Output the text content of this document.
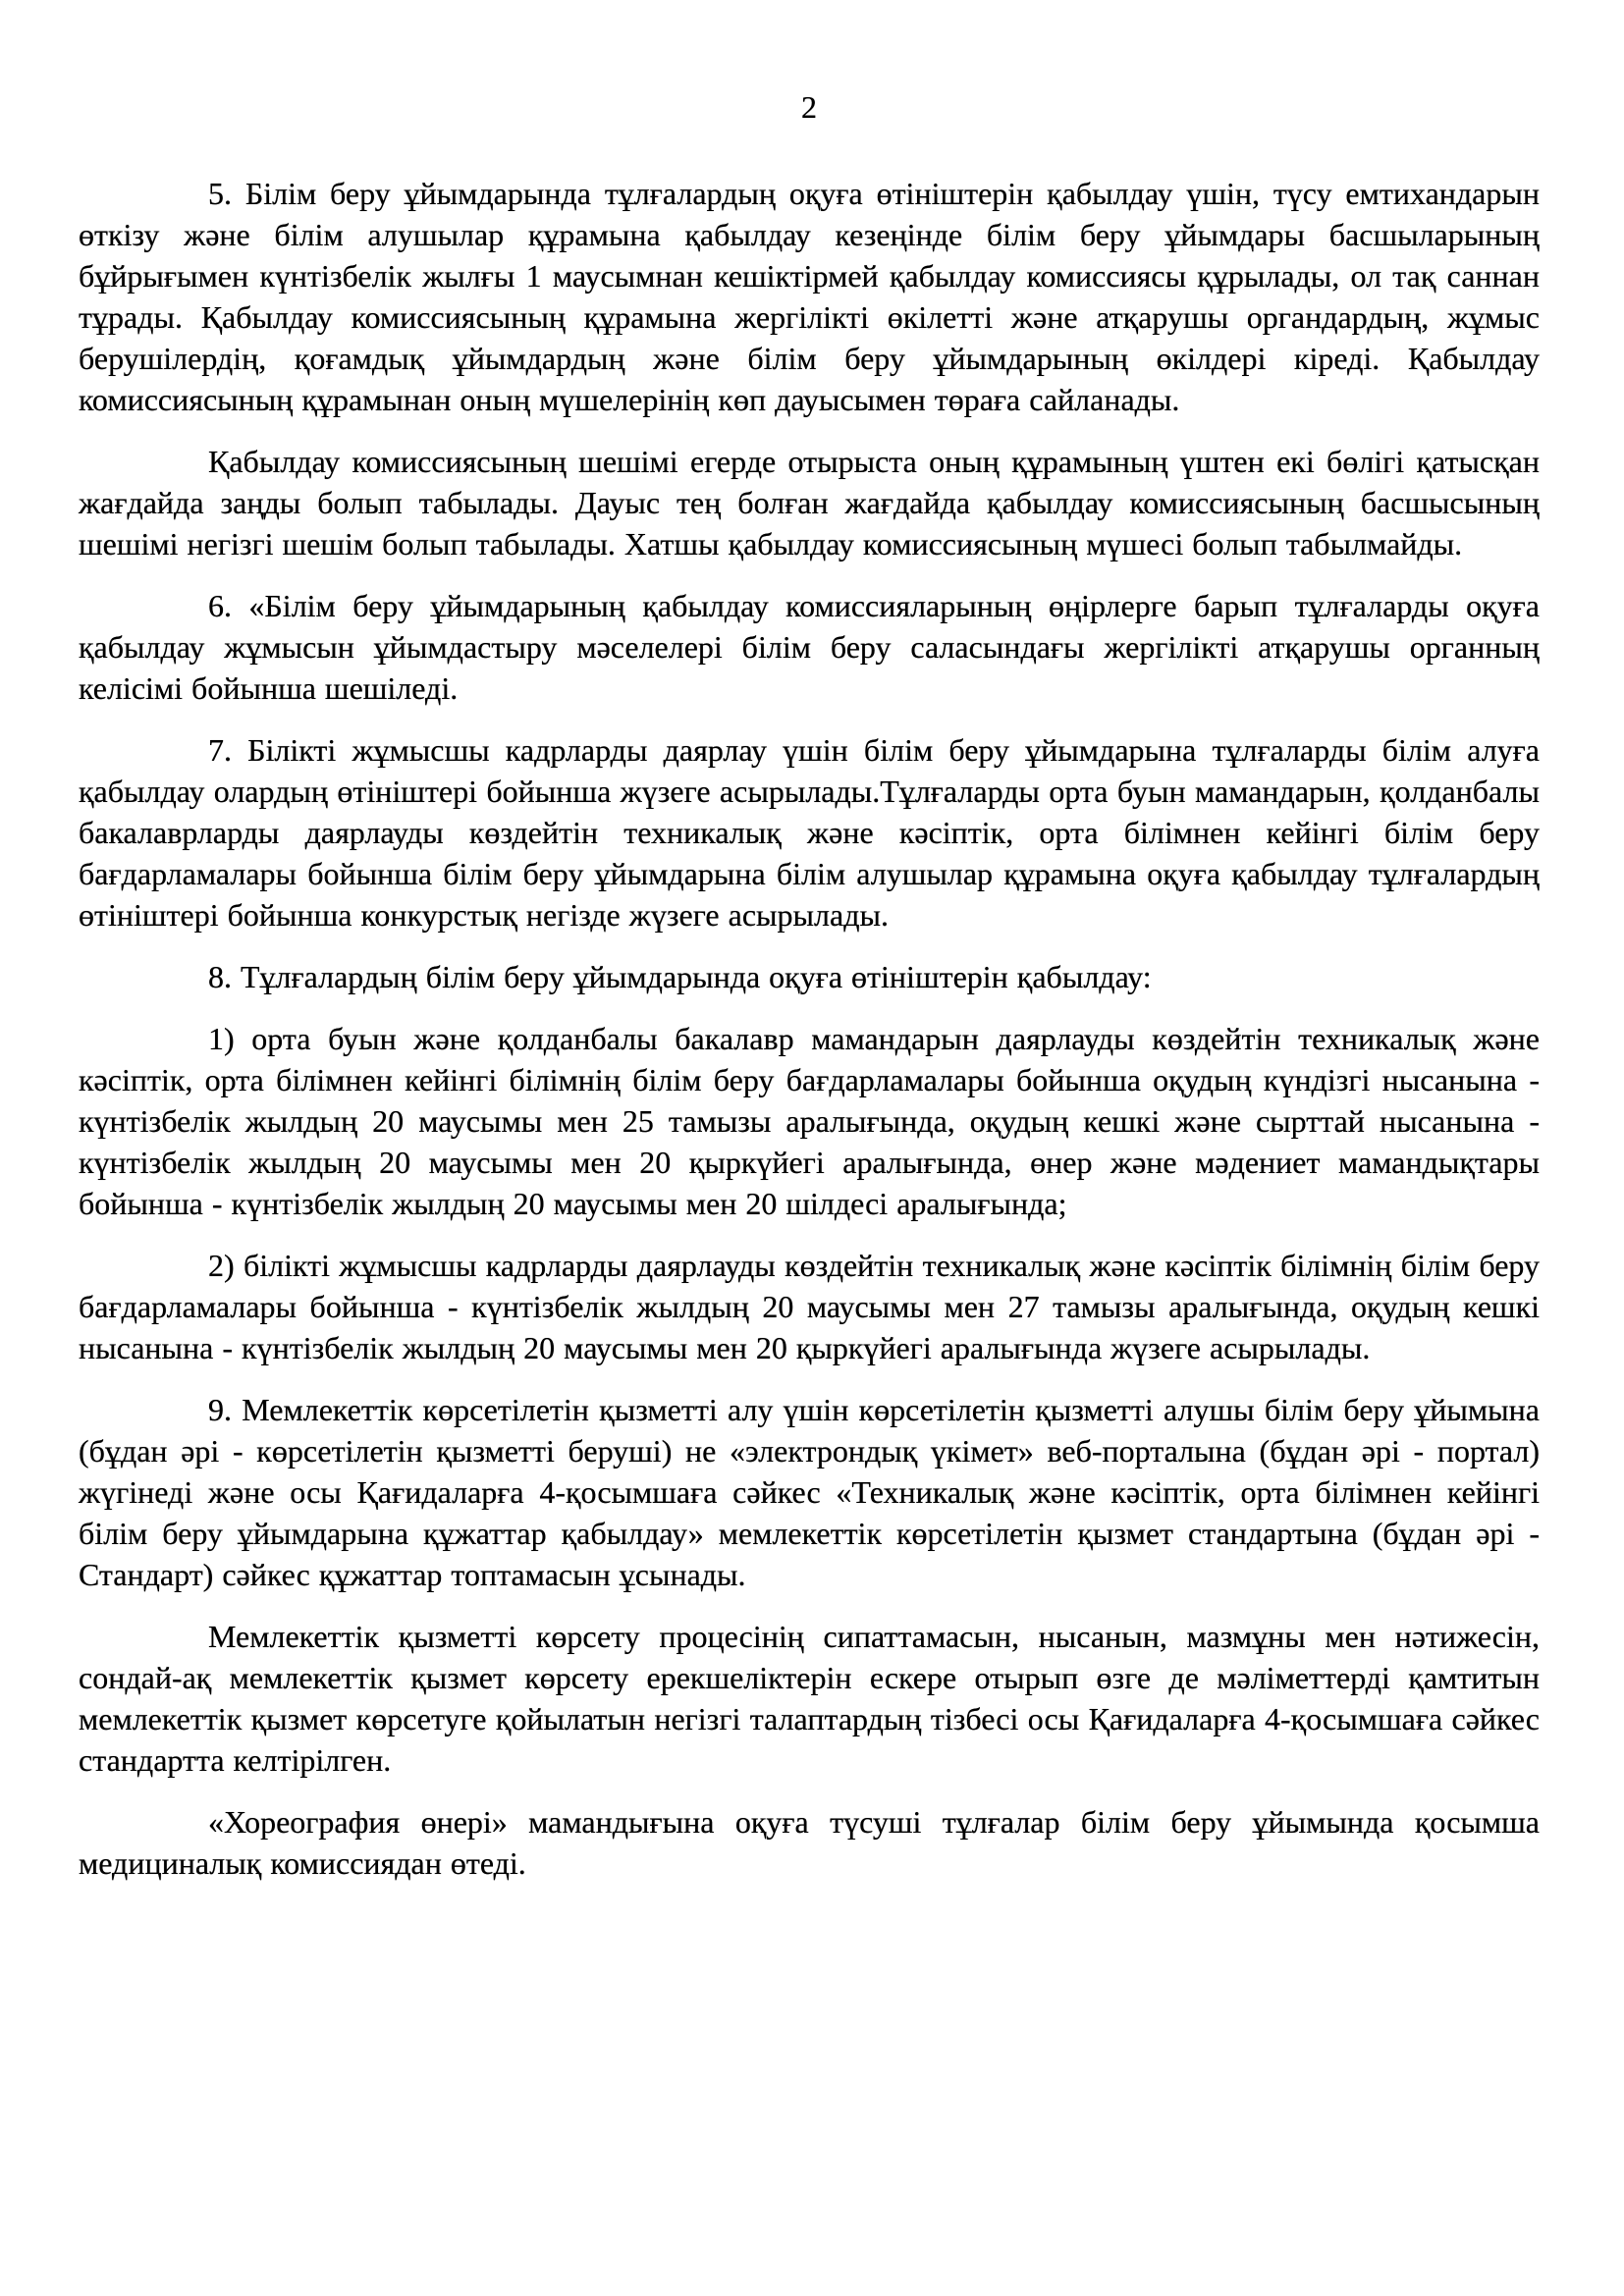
2

5. Білім беру ұйымдарында тұлғалардың оқуға өтініштерін қабылдау үшін, түсу емтихандарын өткізу және білім алушылар құрамына қабылдау кезеңінде білім беру ұйымдары басшыларының бұйрығымен күнтізбелік жылғы 1 маусымнан кешіктірмей қабылдау комиссиясы құрылады, ол тақ саннан тұрады. Қабылдау комиссиясының құрамына жергілікті өкілетті және атқарушы органдардың, жұмыс берушілердің, қоғамдық ұйымдардың және білім беру ұйымдарының өкілдері кіреді. Қабылдау комиссиясының құрамынан оның мүшелерінің көп дауысымен төраға сайланады.

Қабылдау комиссиясының шешімі егерде отырыста оның құрамының үштен екі бөлігі қатысқан жағдайда заңды болып табылады. Дауыс тең болған жағдайда қабылдау комиссиясының басшысының шешімі негізгі шешім болып табылады. Хатшы қабылдау комиссиясының мүшесі болып табылмайды.

6. «Білім беру ұйымдарының қабылдау комиссияларының өңірлерге барып тұлғаларды оқуға қабылдау жұмысын ұйымдастыру мәселелері білім беру саласындағы жергілікті атқарушы органның келісімі бойынша шешіледі.

7. Білікті жұмысшы кадрларды даярлау үшін білім беру ұйымдарына тұлғаларды білім алуға қабылдау олардың өтініштері бойынша жүзеге асырылады.Тұлғаларды орта буын мамандарын, қолданбалы бакалаврларды даярлауды көздейтін техникалық және кәсіптік, орта білімнен кейінгі білім беру бағдарламалары бойынша білім беру ұйымдарына білім алушылар құрамына оқуға қабылдау тұлғалардың өтініштері бойынша конкурстық негізде жүзеге асырылады.

8. Тұлғалардың білім беру ұйымдарында оқуға өтініштерін қабылдау:

1) орта буын және қолданбалы бакалавр мамандарын даярлауды көздейтін техникалық және кәсіптік, орта білімнен кейінгі білімнің білім беру бағдарламалары бойынша оқудың күндізгі нысанына - күнтізбелік жылдың 20 маусымы мен 25 тамызы аралығында, оқудың кешкі және сырттай нысанына - күнтізбелік жылдың 20 маусымы мен 20 қыркүйегі аралығында, өнер және мәдениет мамандықтары бойынша - күнтізбелік жылдың 20 маусымы мен 20 шілдесі аралығында;

2) білікті жұмысшы кадрларды даярлауды көздейтін техникалық және кәсіптік білімнің білім беру бағдарламалары бойынша - күнтізбелік жылдың 20 маусымы мен 27 тамызы аралығында, оқудың кешкі нысанына - күнтізбелік жылдың 20 маусымы мен 20 қыркүйегі аралығында жүзеге асырылады.

9. Мемлекеттік көрсетілетін қызметті алу үшін көрсетілетін қызметті алушы білім беру ұйымына (бұдан әрі - көрсетілетін қызметті беруші) не «электрондық үкімет» веб-порталына (бұдан әрі - портал) жүгінеді және осы Қағидаларға 4-қосымшаға сәйкес «Техникалық және кәсіптік, орта білімнен кейінгі білім беру ұйымдарына құжаттар қабылдау» мемлекеттік көрсетілетін қызмет стандартына (бұдан әрі - Стандарт) сәйкес құжаттар топтамасын ұсынады.

Мемлекеттік қызметті көрсету процесінің сипаттамасын, нысанын, мазмұны мен нәтижесін, сондай-ақ мемлекеттік қызмет көрсету ерекшеліктерін ескере отырып өзге де мәліметтерді қамтитын мемлекеттік қызмет көрсетуге қойылатын негізгі талаптардың тізбесі осы Қағидаларға 4-қосымшаға сәйкес стандартта келтірілген.

«Хореография өнері» мамандығына оқуға түсуші тұлғалар білім беру ұйымында қосымша медициналық комиссиядан өтеді.
